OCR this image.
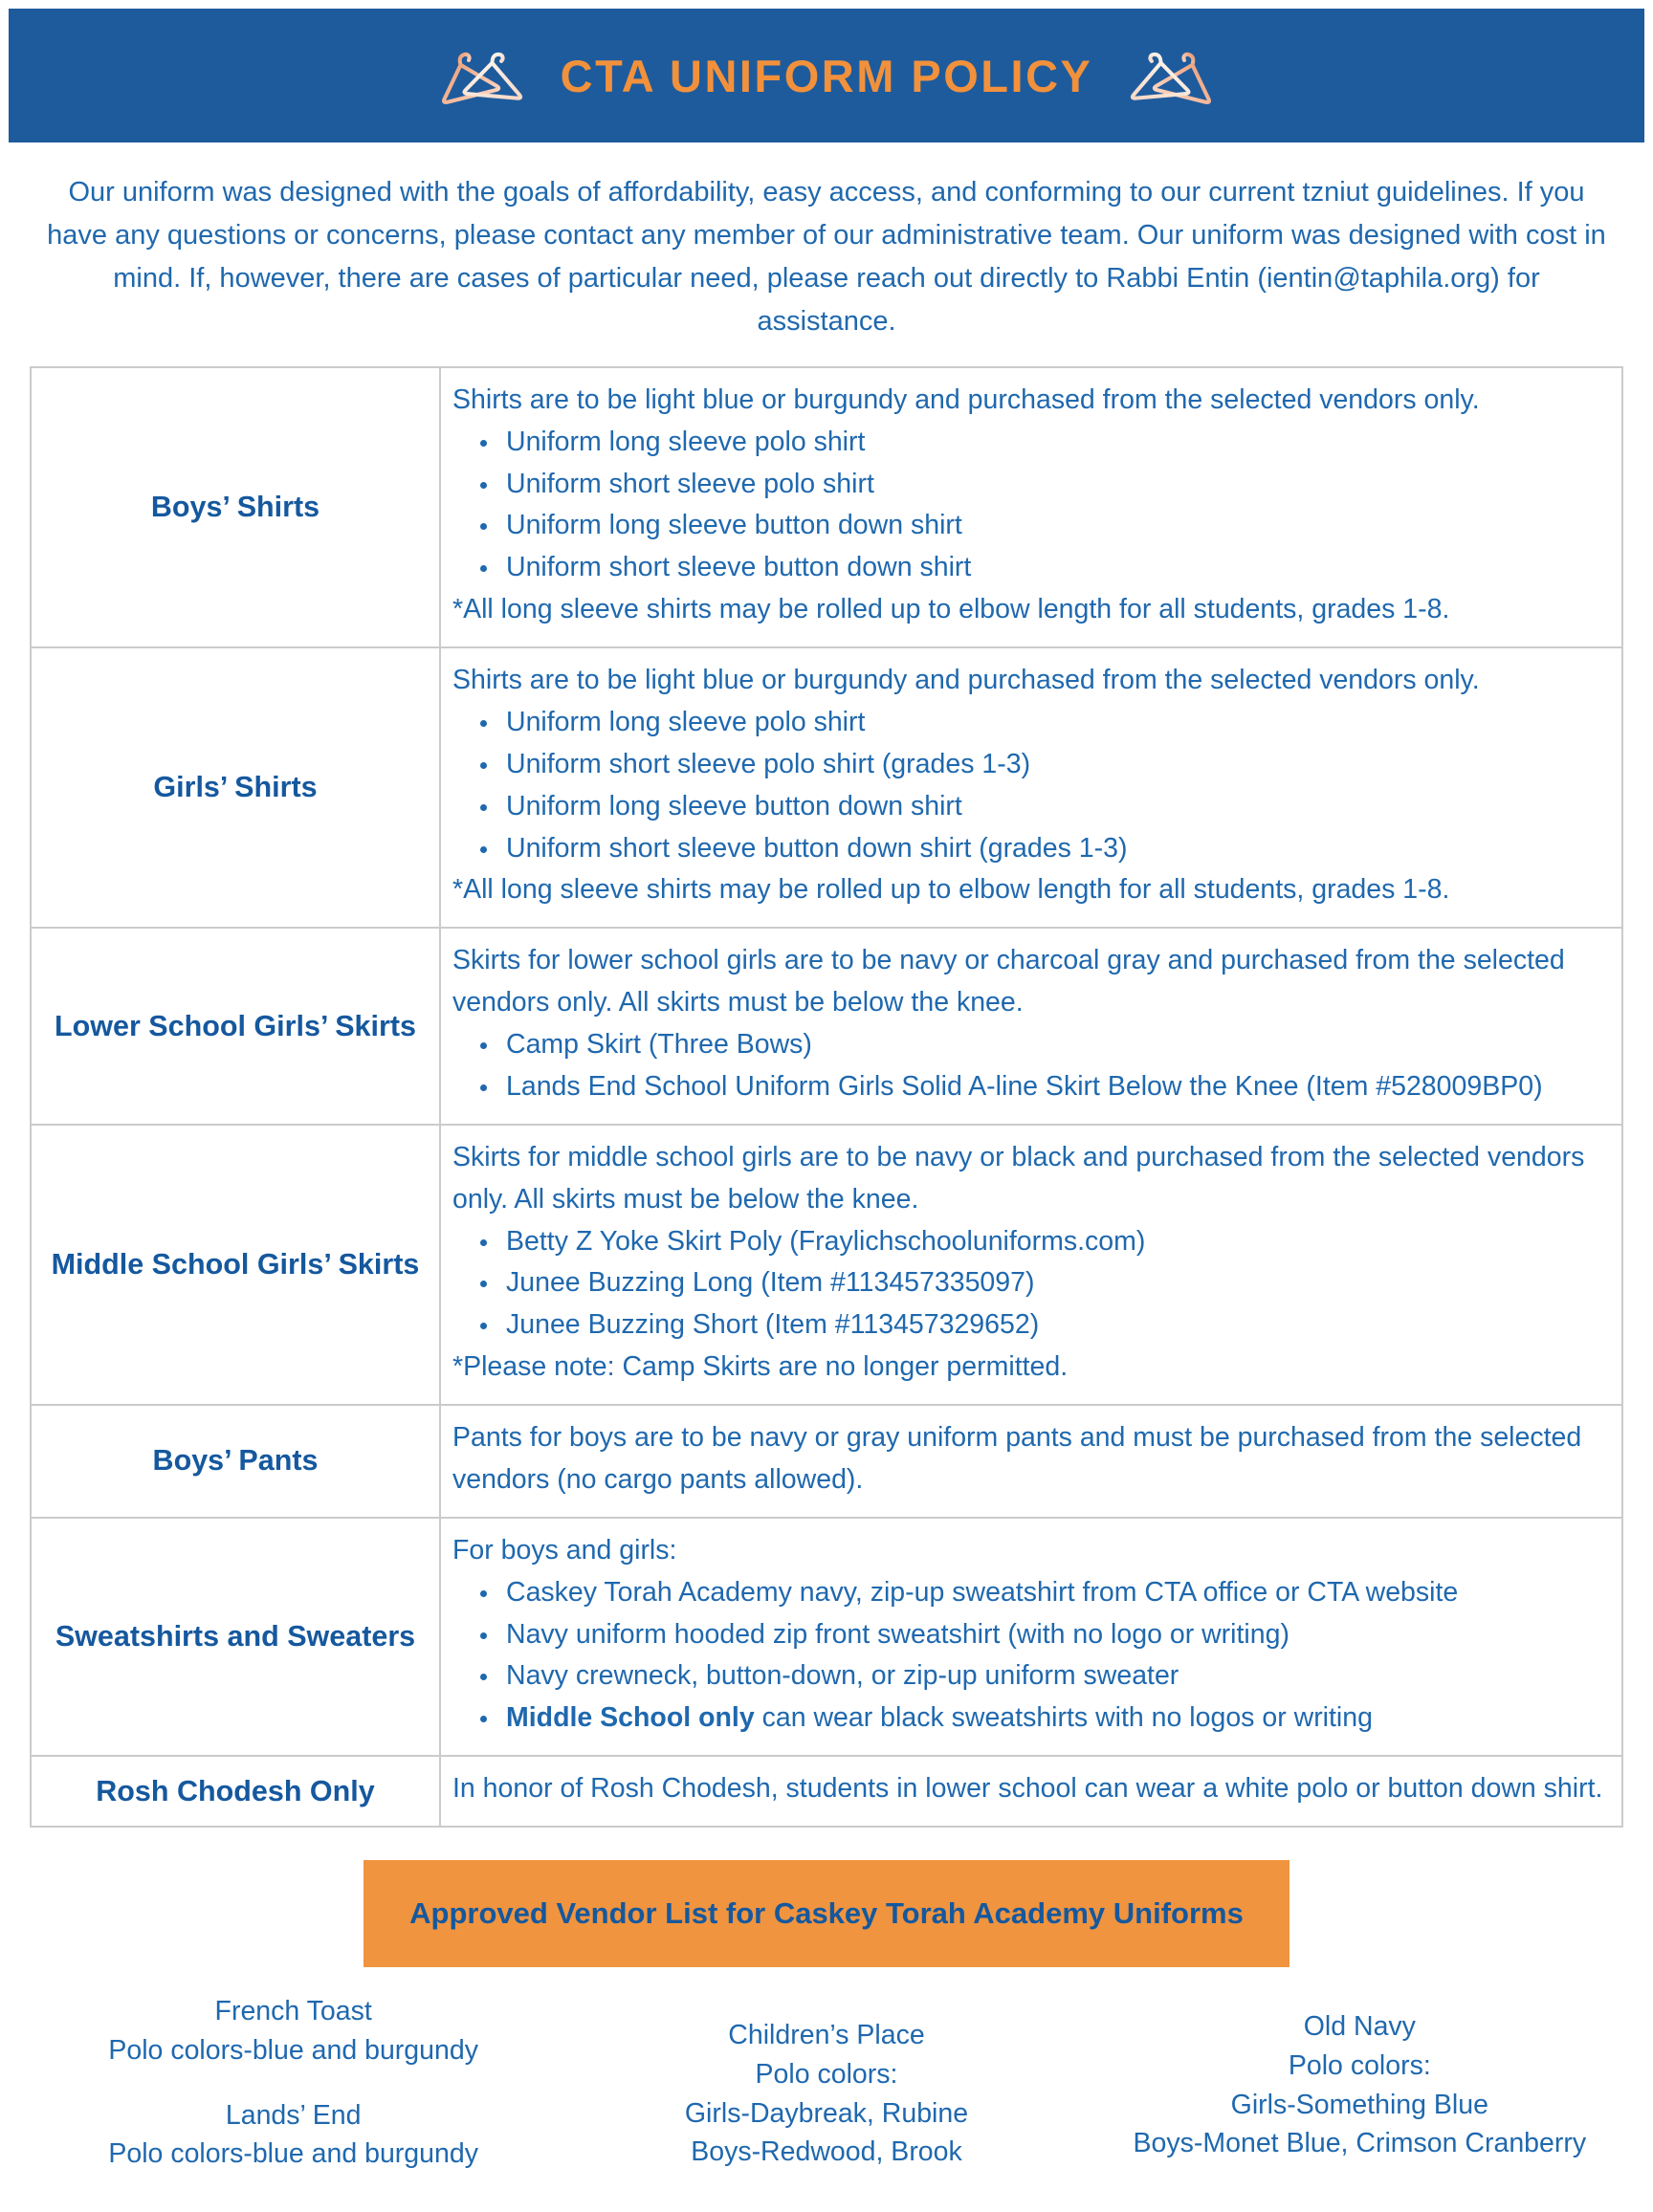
CTA UNIFORM POLICY

Our uniform was designed with the goals of affordability, easy access, and conforming to our current tzniut guidelines. If you have any questions or concerns, please contact any member of our administrative team. Our uniform was designed with cost in mind. If, however, there are cases of particular need, please reach out directly to Rabbi Entin (ientin@taphila.org) for assistance.

Boys’ Shirts	
Shirts are to be light blue or burgundy and purchased from the selected vendors only.
• Uniform long sleeve polo shirt
• Uniform short sleeve polo shirt
• Uniform long sleeve button down shirt
• Uniform short sleeve button down shirt
*All long sleeve shirts may be rolled up to elbow length for all students, grades 1-8.

Girls’ Shirts	
Shirts are to be light blue or burgundy and purchased from the selected vendors only.
• Uniform long sleeve polo shirt
• Uniform short sleeve polo shirt (grades 1-3)
• Uniform long sleeve button down shirt
• Uniform short sleeve button down shirt (grades 1-3)
*All long sleeve shirts may be rolled up to elbow length for all students, grades 1-8.

Lower School Girls’ Skirts	
Skirts for lower school girls are to be navy or charcoal gray and purchased from the selected vendors only. All skirts must be below the knee.
• Camp Skirt (Three Bows)
• Lands End School Uniform Girls Solid A-line Skirt Below the Knee (Item #528009BP0)

Middle School Girls’ Skirts	
Skirts for middle school girls are to be navy or black and purchased from the selected vendors only. All skirts must be below the knee.
• Betty Z Yoke Skirt Poly (Fraylichschooluniforms.com)
• Junee Buzzing Long (Item #113457335097)
• Junee Buzzing Short (Item #113457329652)
*Please note: Camp Skirts are no longer permitted.

Boys’ Pants	Pants for boys are to be navy or gray uniform pants and must be purchased from the selected vendors (no cargo pants allowed).

Sweatshirts and Sweaters	
For boys and girls:
• Caskey Torah Academy navy, zip-up sweatshirt from CTA office or CTA website
• Navy uniform hooded zip front sweatshirt (with no logo or writing)
• Navy crewneck, button-down, or zip-up uniform sweater
• Middle School only can wear black sweatshirts with no logos or writing

Rosh Chodesh Only	In honor of Rosh Chodesh, students in lower school can wear a white polo or button down shirt.
Approved Vendor List for Caskey Torah Academy Uniforms
French Toast
Polo colors-blue and burgundy
Lands’ End
Polo colors-blue and burgundy
Children’s Place
Polo colors:
Girls-Daybreak, Rubine
Boys-Redwood, Brook
Old Navy
Polo colors:
Girls-Something Blue
Boys-Monet Blue, Crimson Cranberry
